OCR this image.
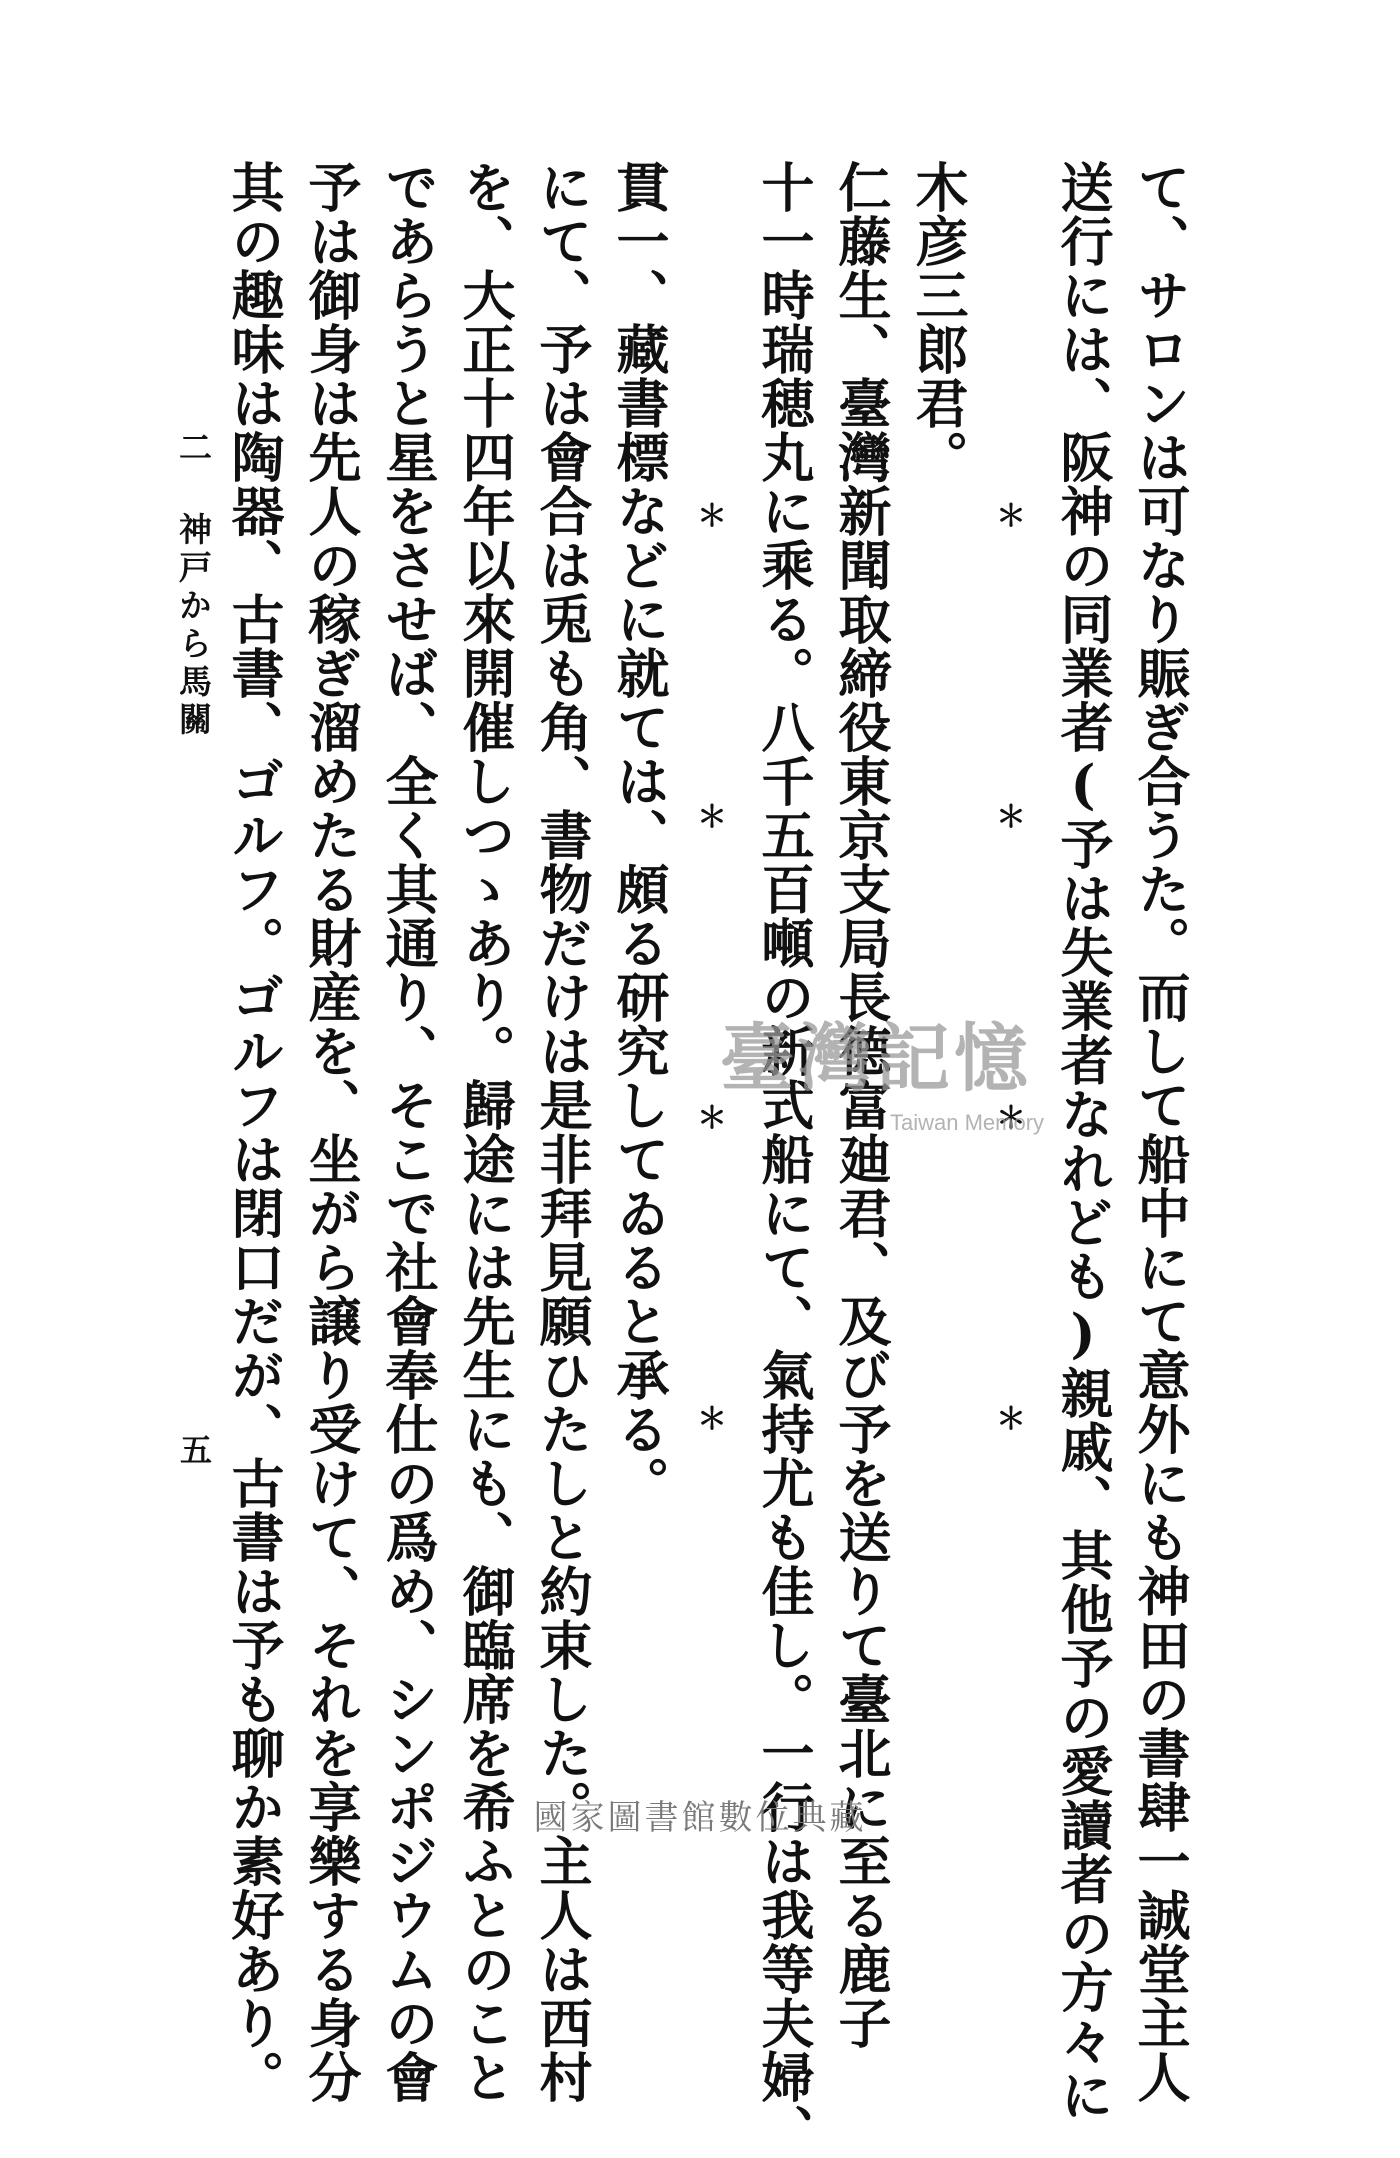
其の趣味は陶器、古書、ゴルフ。ゴルフは閉口だが、古書は予も聊か素好あり。 予は御身は先人の稼ぎ溜めたる財産を、坐がら譲り受けて、それを享樂する身分 であらうと星をさせば、全く其通り、そこで社會奉仕の爲め、シンポジウムの會 を、大正十四年以來開催しつゝあり。歸途には先生にも、御臨席を希ふとのこと にて、予は會合は兎も角、書物だけは是非拜見願ひたしと約束した。主人は西村 貫一、藏書標などに就ては、頗る研究してゐると承る。 ＊ ＊ ＊ ＊ 十一時瑞穂丸に乘る。八千五百噸の新式船にて、氣持尤も佳し。一行は我等夫婦、 仁藤生、臺灣新聞取締役東京支局長德富廸君、及び予を送りて臺北に至る鹿子 木彦三郎君。
＊ ＊ ＊ ＊ 送行には、阪神の同業者(予は失業者なれども)親戚、其他予の愛讀者の方々に て、サロンは可なり賑ぎ合うた。而して船中にて意外にも神田の書肆一誠堂主人
二 神戸から馬關
五
臺灣記憶
Taiwan Memory
國家圖書館數位典藏
